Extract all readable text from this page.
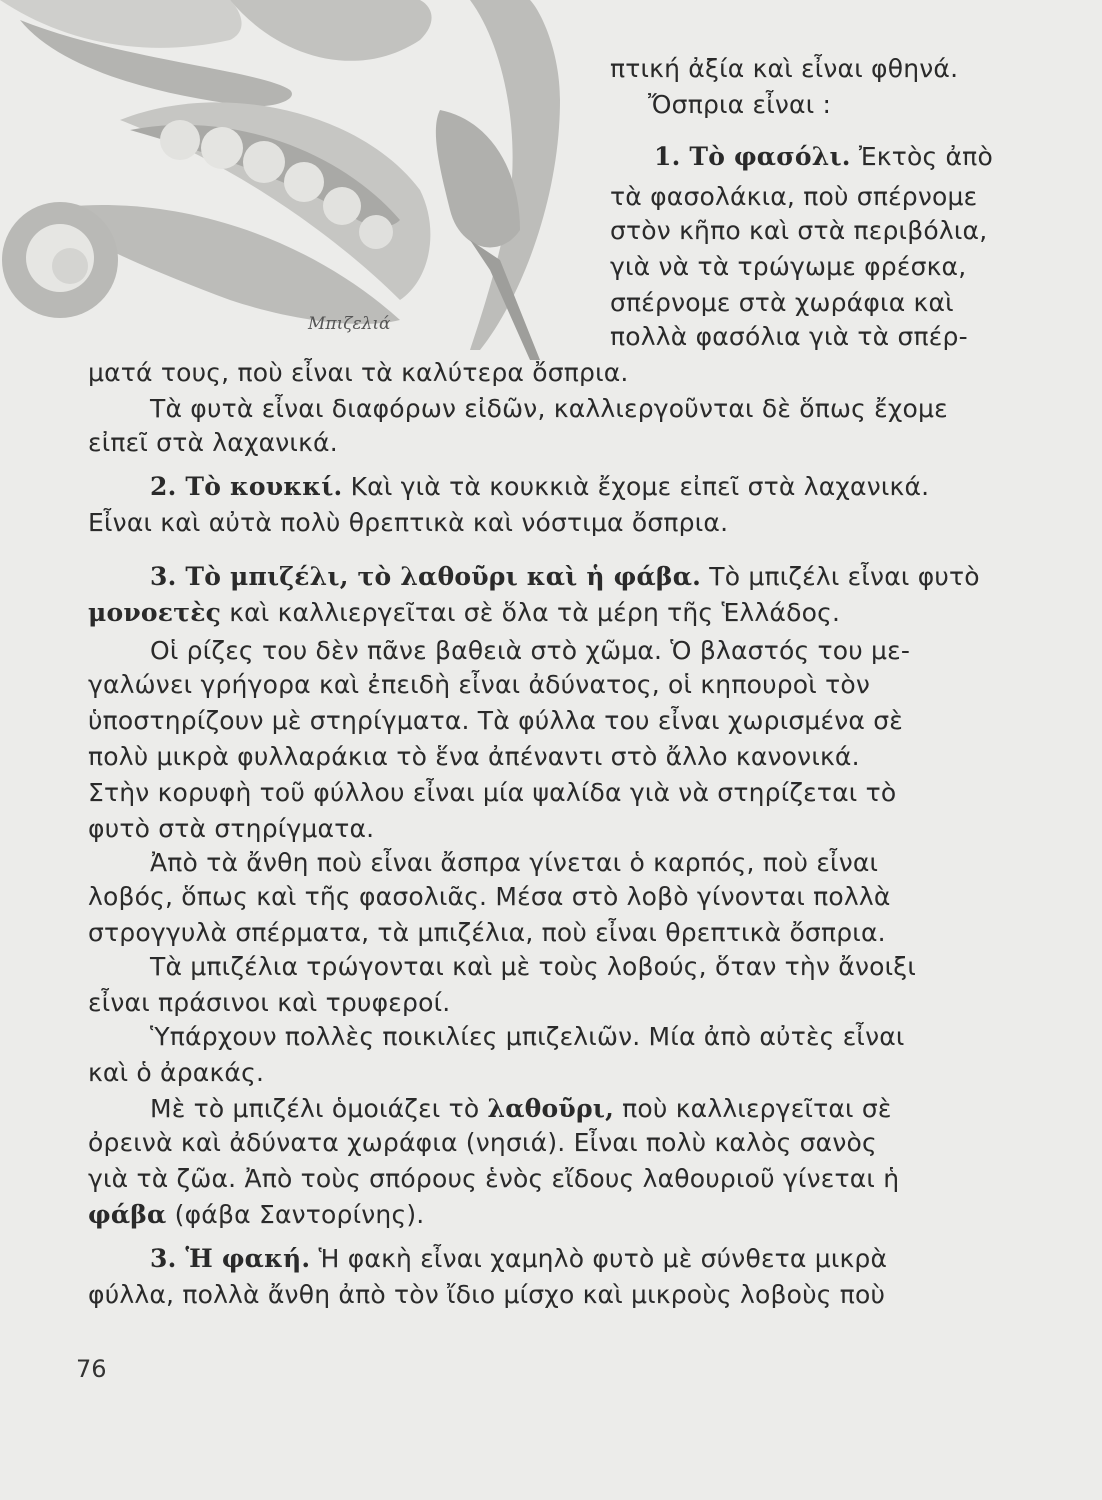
Μπιζελιά
πτική ἀξία καὶ εἶναι φθηνά.
Ὄσπρια εἶναι :
1. Τὸ φασόλι. Ἐκτὸς ἀπὸ
τὰ φασολάκια, ποὺ σπέρνομε
στὸν κῆπο καὶ στὰ περιβόλια,
γιὰ νὰ τὰ τρώγωμε φρέσκα,
σπέρνομε στὰ χωράφια καὶ
πολλὰ φασόλια γιὰ τὰ σπέρ-
ματά τους, ποὺ εἶναι τὰ καλύτερα ὄσπρια.
Τὰ φυτὰ εἶναι διαφόρων εἰδῶν, καλλιεργοῦνται δὲ ὅπως ἔχομε
εἰπεῖ στὰ λαχανικά.
2. Τὸ κουκκί. Καὶ γιὰ τὰ κουκκιὰ ἔχομε εἰπεῖ στὰ λαχανικά.
Εἶναι καὶ αὐτὰ πολὺ θρεπτικὰ καὶ νόστιμα ὄσπρια.
3. Τὸ μπιζέλι, τὸ λαθοῦρι καὶ ἡ φάβα. Τὸ μπιζέλι εἶναι φυτὸ
μονοετὲς καὶ καλλιεργεῖται σὲ ὅλα τὰ μέρη τῆς Ἑλλάδος.
Οἱ ρίζες του δὲν πᾶνε βαθειὰ στὸ χῶμα. Ὁ βλαστός του με-
γαλώνει γρήγορα καὶ ἐπειδὴ εἶναι ἀδύνατος, οἱ κηπουροὶ τὸν
ὑποστηρίζουν μὲ στηρίγματα. Τὰ φύλλα του εἶναι χωρισμένα σὲ
πολὺ μικρὰ φυλλαράκια τὸ ἕνα ἀπέναντι στὸ ἄλλο κανονικά.
Στὴν κορυφὴ τοῦ φύλλου εἶναι μία ψαλίδα γιὰ νὰ στηρίζεται τὸ
φυτὸ στὰ στηρίγματα.
Ἀπὸ τὰ ἄνθη ποὺ εἶναι ἄσπρα γίνεται ὁ καρπός, ποὺ εἶναι
λοβός, ὅπως καὶ τῆς φασολιᾶς. Μέσα στὸ λοβὸ γίνονται πολλὰ
στρογγυλὰ σπέρματα, τὰ μπιζέλια, ποὺ εἶναι θρεπτικὰ ὄσπρια.
Τὰ μπιζέλια τρώγονται καὶ μὲ τοὺς λοβούς, ὅταν τὴν ἄνοιξι
εἶναι πράσινοι καὶ τρυφεροί.
Ὑπάρχουν πολλὲς ποικιλίες μπιζελιῶν. Μία ἀπὸ αὐτὲς εἶναι
καὶ ὁ ἀρακάς.
Μὲ τὸ μπιζέλι ὁμοιάζει τὸ λαθοῦρι, ποὺ καλλιεργεῖται σὲ
ὀρεινὰ καὶ ἀδύνατα χωράφια (νησιά). Εἶναι πολὺ καλὸς σανὸς
γιὰ τὰ ζῶα. Ἀπὸ τοὺς σπόρους ἑνὸς εἴδους λαθουριοῦ γίνεται ἡ
φάβα (φάβα Σαντορίνης).
3. Ἡ φακή. Ἡ φακὴ εἶναι χαμηλὸ φυτὸ μὲ σύνθετα μικρὰ
φύλλα, πολλὰ ἄνθη ἀπὸ τὸν ἴδιο μίσχο καὶ μικροὺς λοβοὺς ποὺ
76
